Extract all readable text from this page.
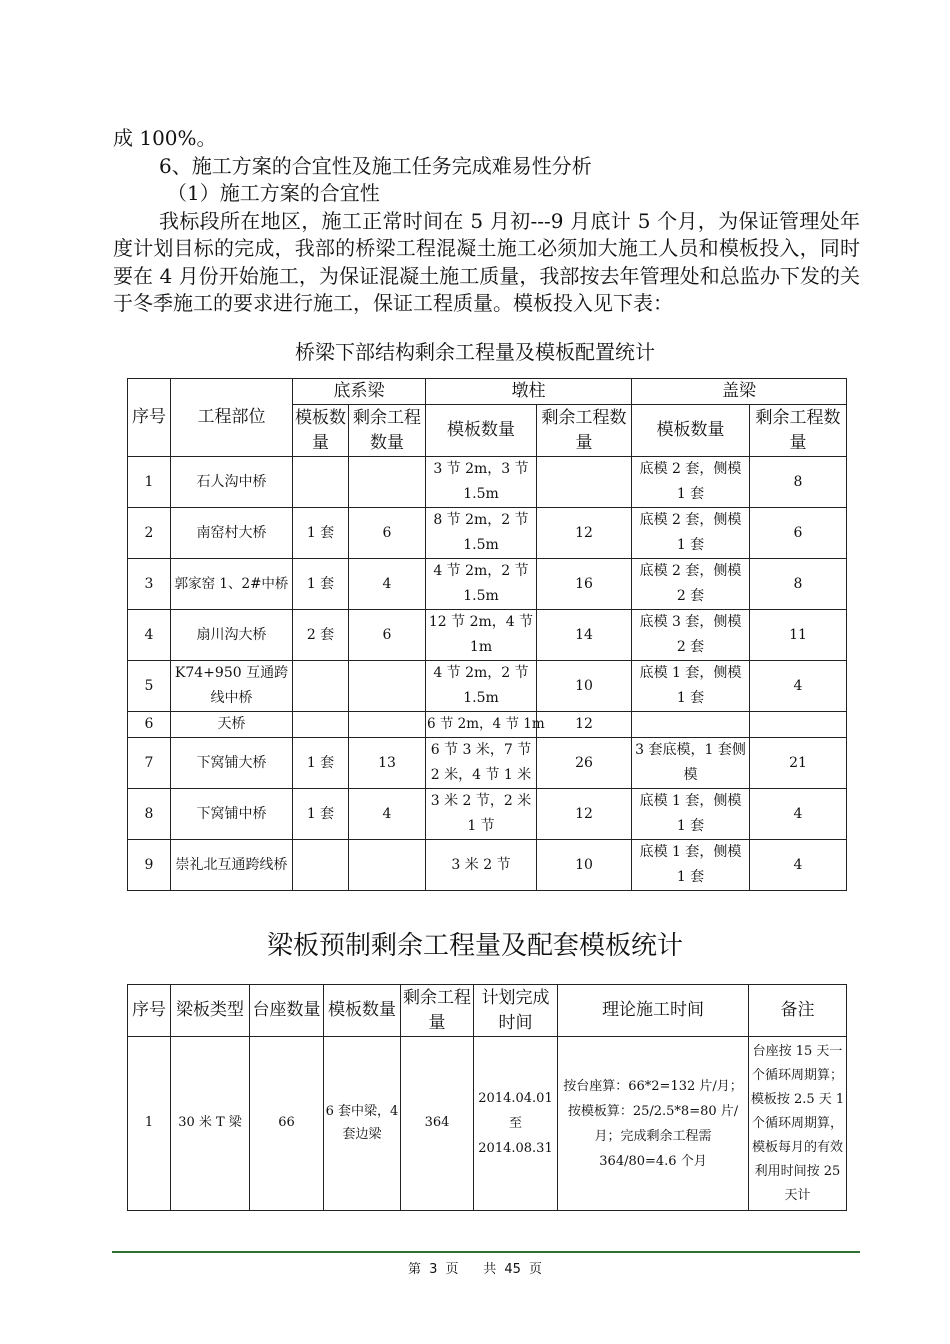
成 100%。

6、施工方案的合宜性及施工任务完成难易性分析

（1）施工方案的合宜性

我标段所在地区，施工正常时间在 5 月初---9 月底计 5 个月，为保证管理处年度计划目标的完成，我部的桥梁工程混凝土施工必须加大施工人员和模板投入，同时要在 4 月份开始施工，为保证混凝土施工质量，我部按去年管理处和总监办下发的关于冬季施工的要求进行施工，保证工程质量。模板投入见下表：

桥梁下部结构剩余工程量及模板配置统计
序号	工程部位	底系梁		墩柱		盖梁	
		模板数量	剩余工程数量	模板数量	剩余工程数量	模板数量	剩余工程数量
1	石人沟中桥			3 节 2m，3 节 1.5m		底模 2 套，侧模 1 套	8
2	南窑村大桥	1 套	6	8 节 2m，2 节 1.5m	12	底模 2 套，侧模 1 套	6
3	郭家窑 1、2#中桥	1 套	4	4 节 2m，2 节 1.5m	16	底模 2 套，侧模 2 套	8
4	扇川沟大桥	2 套	6	12 节 2m，4 节 1m	14	底模 3 套，侧模 2 套	11
5	K74+950 互通跨线中桥			4 节 2m，2 节 1.5m	10	底模 1 套，侧模 1 套	4
6	天桥			6 节 2m，4 节 1m	12		
7	下窝铺大桥	1 套	13	6 节 3 米，7 节 2 米，4 节 1 米	26	3 套底模，1 套侧模	21
8	下窝铺中桥	1 套	4	3 米 2 节，2 米 1 节	12	底模 1 套，侧模 1 套	4
9	崇礼北互通跨线桥			3 米 2 节	10	底模 1 套，侧模 1 套	4
梁板预制剩余工程量及配套模板统计
序号	梁板类型	台座数量	模板数量	剩余工程量	计划完成时间	理论施工时间	备注
1	30 米 T 梁	66	6 套中梁，4 套边梁	364	2014.04.01
至
2014.08.31	按台座算：66*2=132 片/月；按模板算：25/2.5*8=80 片/月；完成剩余工程需 364/80=4.6 个月	台座按 15 天一个循环周期算；模板按 2.5 天 1 个循环周期算，模板每月的有效利用时间按 25 天计
第 3 页 共 45 页
